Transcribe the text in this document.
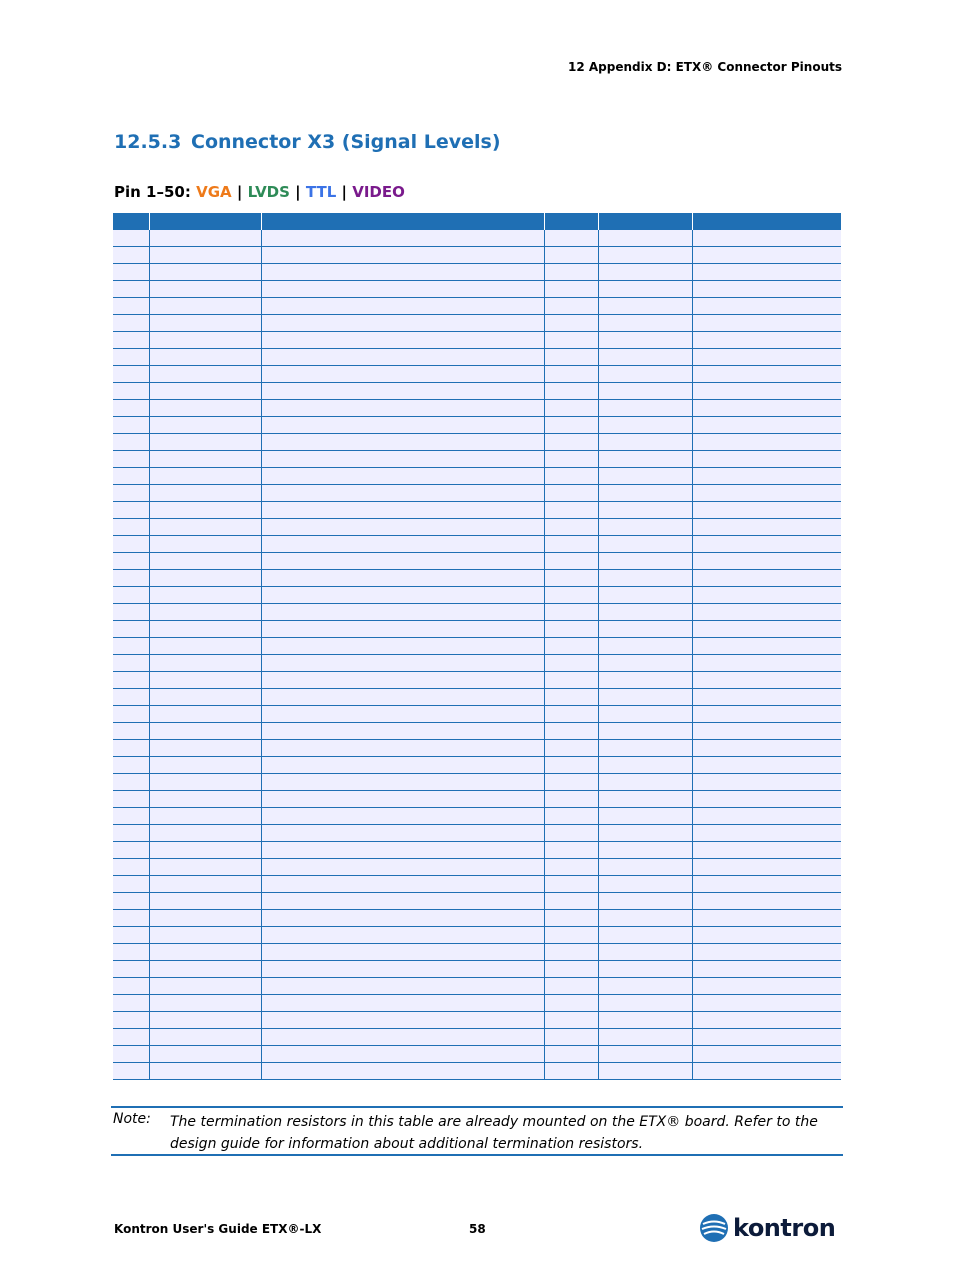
12 Appendix D: ETX® Connector Pinouts
12.5.3 Connector X3 (Signal Levels)
Pin 1–50: VGA | LVDS | TTL | VIDEO

Note: The termination resistors in this table are already mounted on the ETX® board. Refer to the design guide for information about additional termination resistors.
Kontron User's Guide ETX®-LX	58	kontron
